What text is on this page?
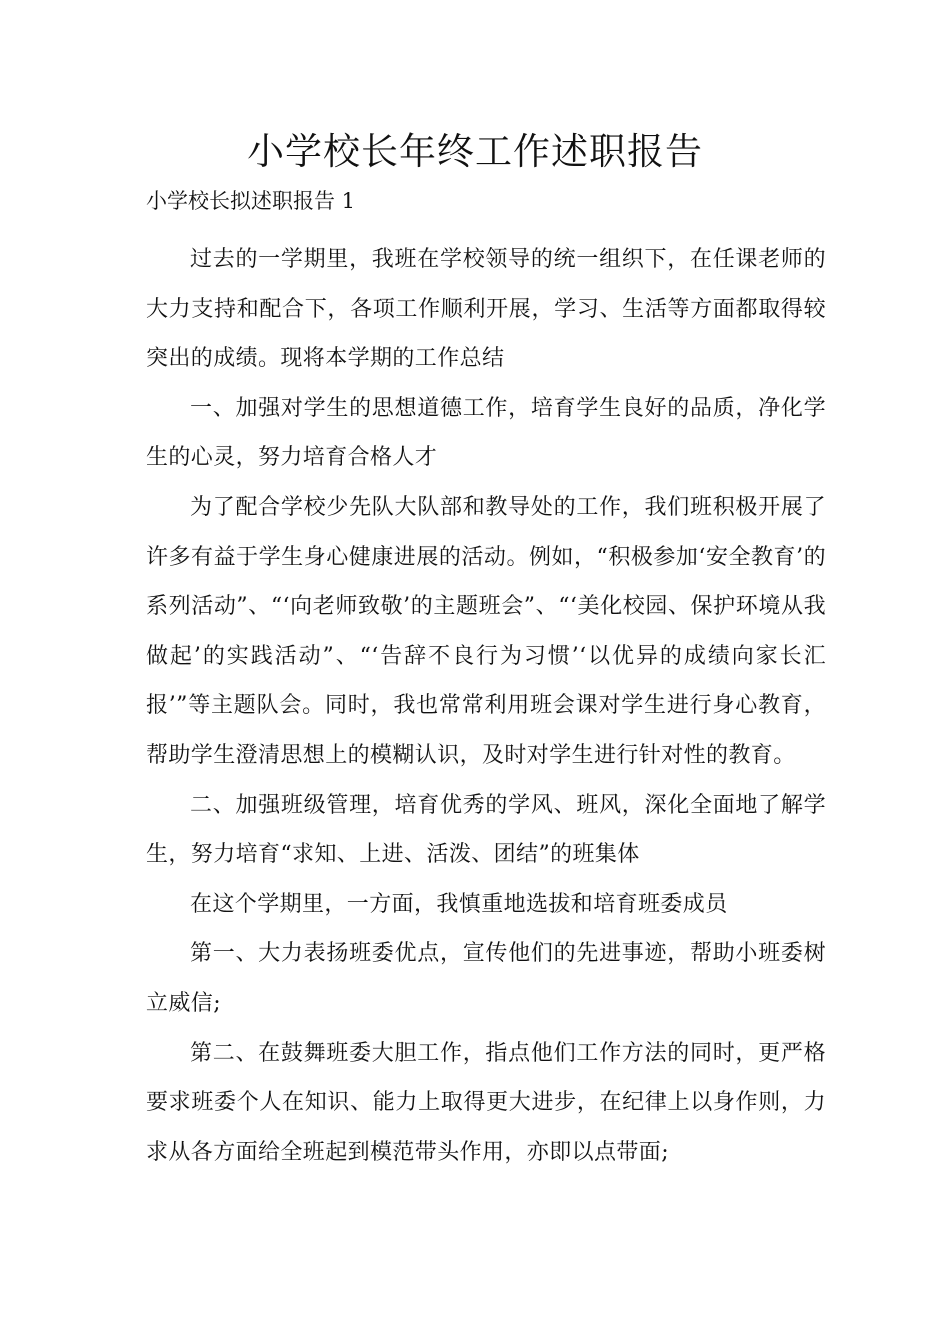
小学校长年终工作述职报告

小学校长拟述职报告 1

过去的一学期里，我班在学校领导的统一组织下，在任课老师的大力支持和配合下，各项工作顺利开展，学习、生活等方面都取得较突出的成绩。现将本学期的工作总结

一、加强对学生的思想道德工作，培育学生良好的品质，净化学生的心灵，努力培育合格人才

为了配合学校少先队大队部和教导处的工作，我们班积极开展了许多有益于学生身心健康进展的活动。例如，“积极参加‘安全教育’的系列活动”、“‘向老师致敬’的主题班会”、“‘美化校园、保护环境从我做起’的实践活动”、“‘告辞不良行为习惯’‘以优异的成绩向家长汇报’”等主题队会。同时，我也常常利用班会课对学生进行身心教育，帮助学生澄清思想上的模糊认识，及时对学生进行针对性的教育。

二、加强班级管理，培育优秀的学风、班风，深化全面地了解学生，努力培育“求知、上进、活泼、团结”的班集体

在这个学期里，一方面，我慎重地选拔和培育班委成员

第一、大力表扬班委优点，宣传他们的先进事迹，帮助小班委树立威信;

第二、在鼓舞班委大胆工作，指点他们工作方法的同时，更严格要求班委个人在知识、能力上取得更大进步，在纪律上以身作则，力求从各方面给全班起到模范带头作用，亦即以点带面;
